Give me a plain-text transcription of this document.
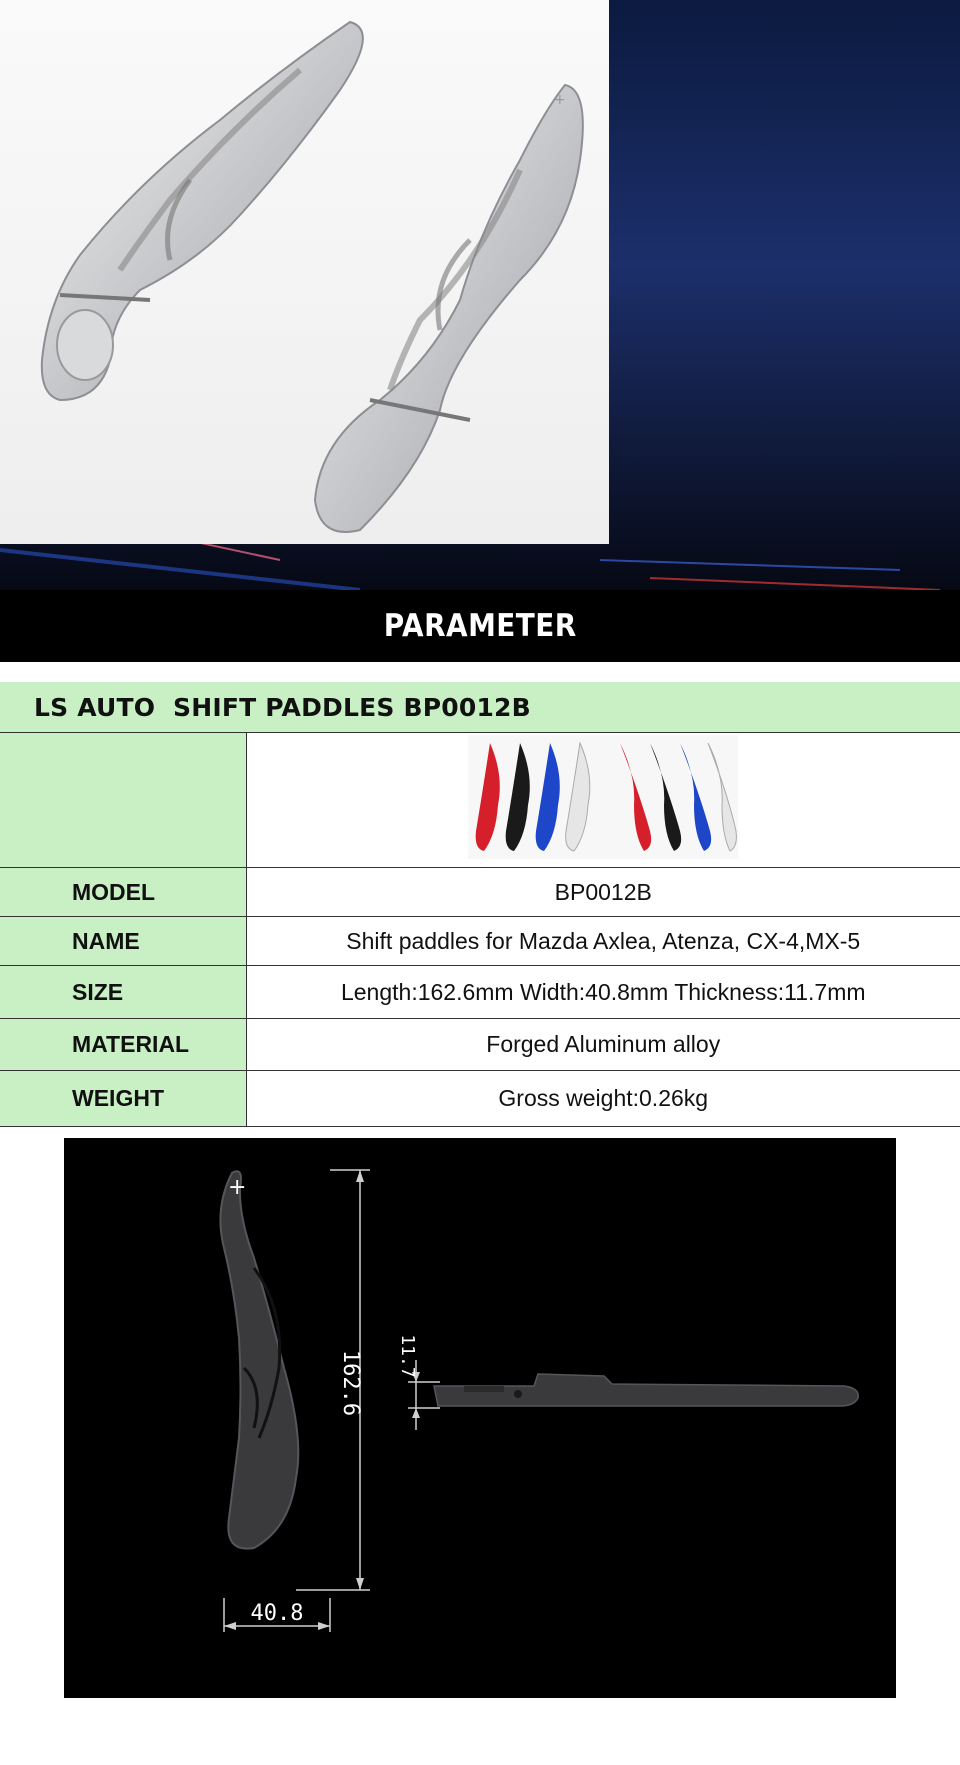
+
PARAMETER
LS AUTO  SHIFT PADDLES BP0012B

MODEL	BP0012B
NAME	Shift paddles for Mazda Axlea, Atenza, CX-4,MX-5
SIZE	Length:162.6mm Width:40.8mm Thickness:11.7mm
MATERIAL	Forged Aluminum alloy
WEIGHT	Gross weight:0.26kg
+
162.6
40.8
11.7
